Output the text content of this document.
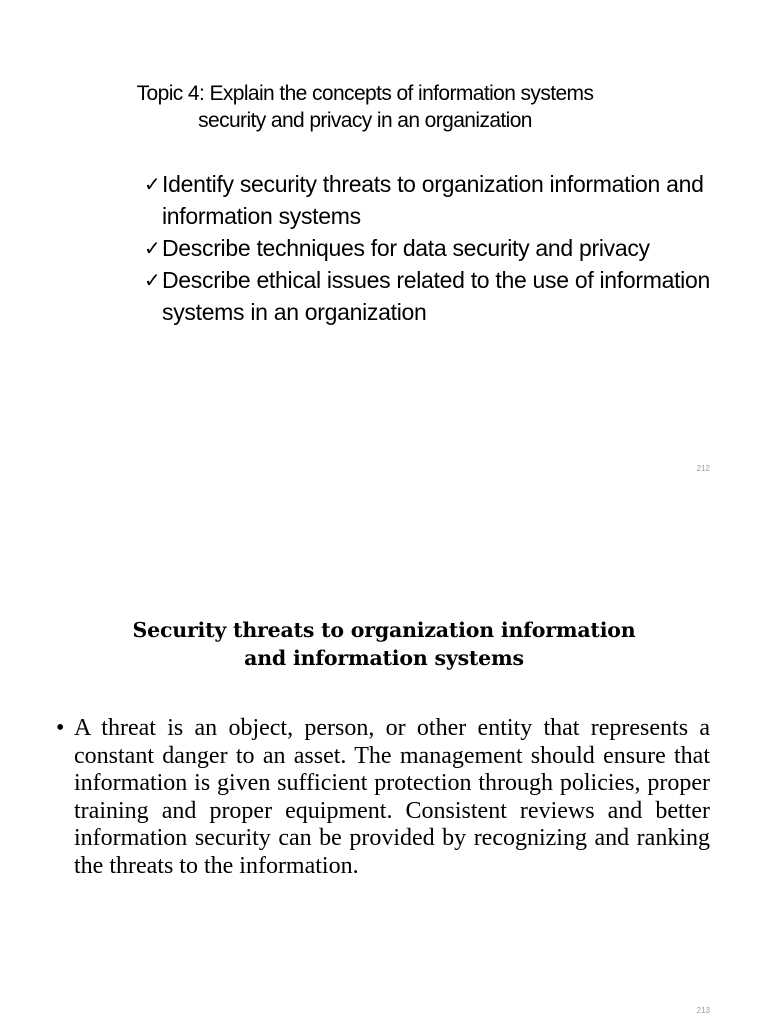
Topic 4: Explain the concepts of information systems
security and privacy in an organization
✓ Identify security threats to organization information and information systems
✓ Describe techniques for data security and privacy
✓ Describe ethical issues related to the use of information systems in an organization
212
Security threats to organization information
and information systems
• A threat is an object, person, or other entity that represents a constant danger to an asset. The management should ensure that information is given sufficient protection through policies, proper training and proper equipment. Consistent reviews and better information security can be provided by recognizing and ranking the threats to the information.

213
